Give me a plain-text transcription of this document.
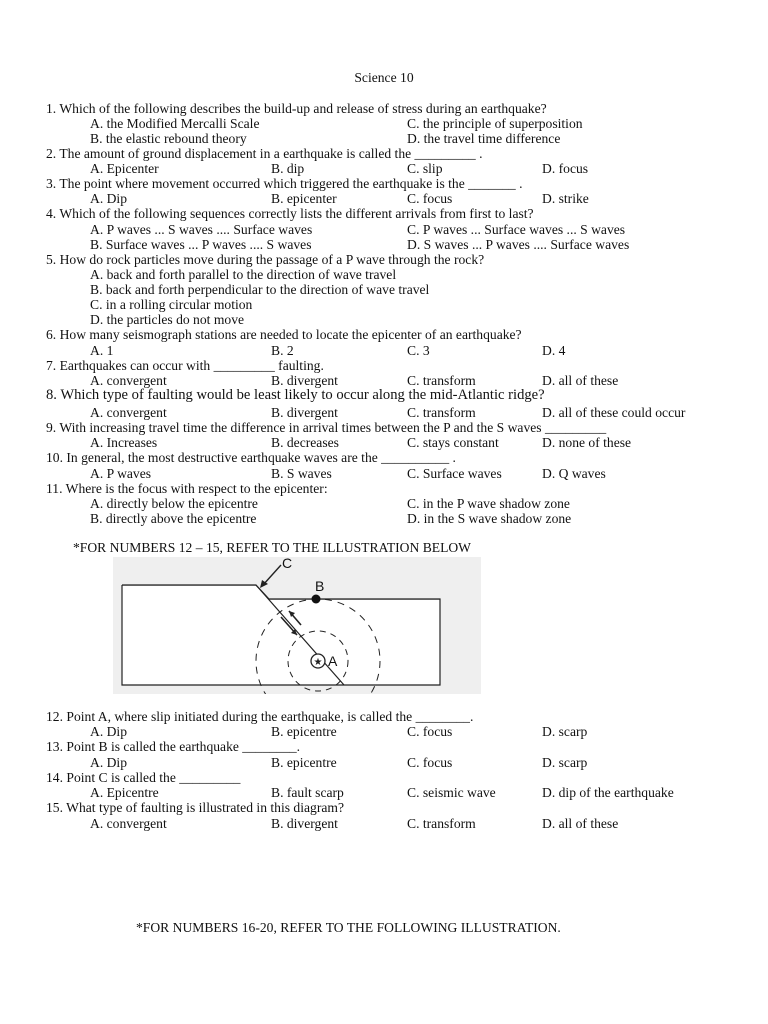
Science 10
1. Which of the following describes the build-up and release of stress during an earthquake?
A. the Modified Mercalli Scale	C. the principle of superposition
B. the elastic rebound theory	D. the travel time difference
2. The amount of ground displacement in a earthquake is called the _________ .
A. Epicenter	B. dip	C. slip	D. focus
3. The point where movement occurred which triggered the earthquake is the _______ .
A. Dip	B. epicenter	C. focus	D. strike
4. Which of the following sequences correctly lists the different arrivals from first to last?
A. P waves ... S waves .... Surface waves	C. P waves ... Surface waves ... S waves
B. Surface waves ... P waves .... S waves	D. S waves ... P waves .... Surface waves
5. How do rock particles move during the passage of a P wave through the rock?
A. back and forth parallel to the direction of wave travel
B. back and forth perpendicular to the direction of wave travel
C. in a rolling circular motion
D. the particles do not move
6. How many seismograph stations are needed to locate the epicenter of an earthquake?
A. 1	B. 2	C. 3	D. 4
7. Earthquakes can occur with _________ faulting.
A. convergent	B. divergent	C. transform	D. all of these
8. Which type of faulting would be least likely to occur along the mid-Atlantic ridge?
A. convergent	B. divergent	C. transform	D. all of these could occur
9. With increasing travel time the difference in arrival times between the P and the S waves _________
A. Increases	B. decreases	C. stays constant	D. none of these
10. In general, the most destructive earthquake waves are the __________ .
A. P waves	B. S waves	C. Surface waves	D. Q waves
11. Where is the focus with respect to the epicenter:
A. directly below the epicentre	C. in the P wave shadow zone
B. directly above the epicentre	D. in the S wave shadow zone
*FOR NUMBERS 12 – 15, REFER TO THE ILLUSTRATION BELOW
★
C
B
A
12. Point A, where slip initiated during the earthquake, is called the ________.
A. Dip	B. epicentre	C. focus	D. scarp
13. Point B is called the earthquake ________.
A. Dip	B. epicentre	C. focus	D. scarp
14. Point C is called the _________
A. Epicentre	B. fault scarp	C. seismic wave	D. dip of the earthquake
15. What type of faulting is illustrated in this diagram?
A. convergent	B. divergent	C. transform	D. all of these
*FOR NUMBERS 16-20, REFER TO THE FOLLOWING ILLUSTRATION.
